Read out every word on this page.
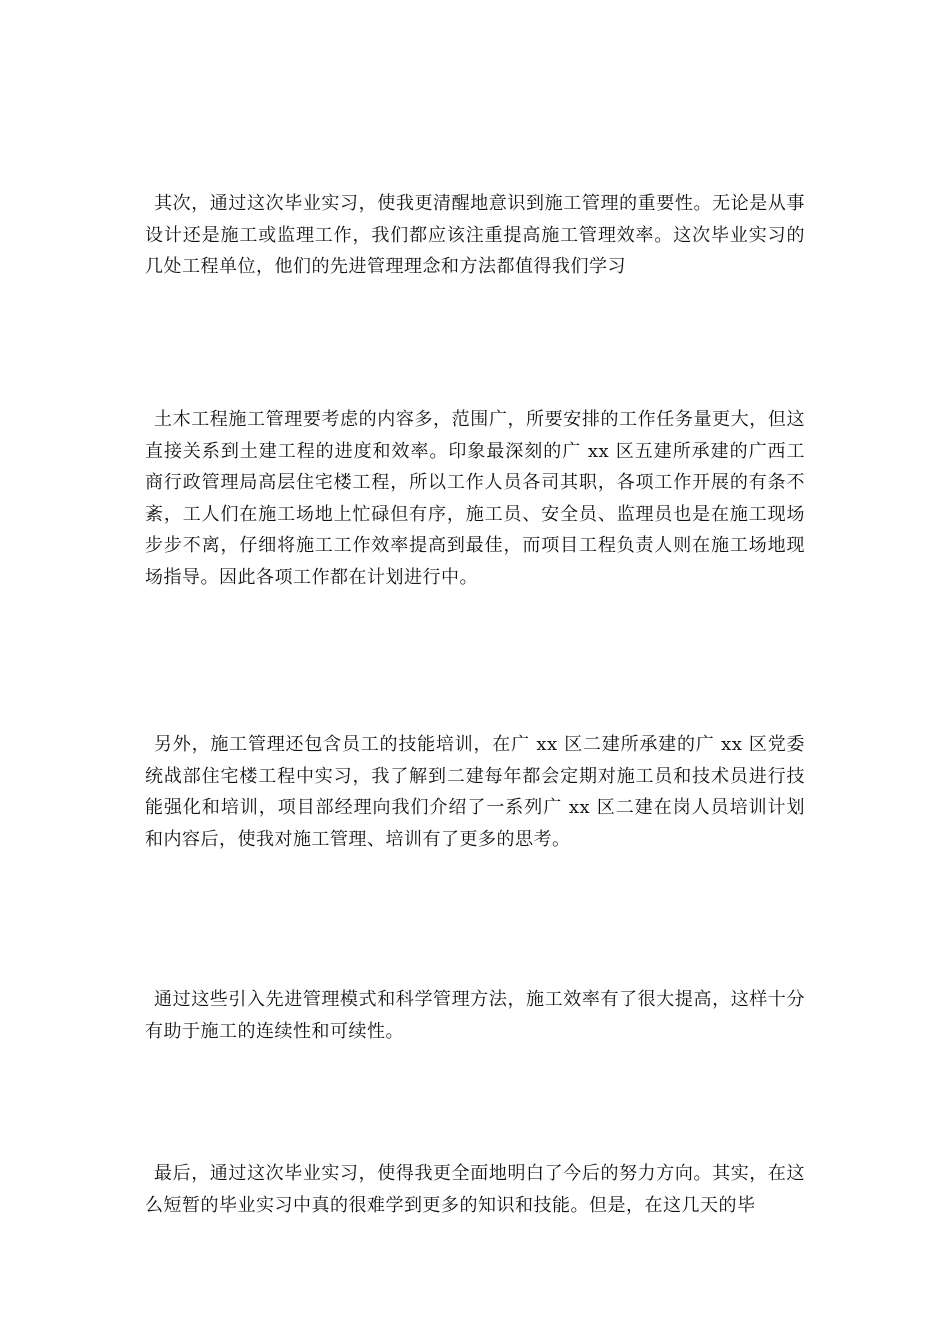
其次，通过这次毕业实习，使我更清醒地意识到施工管理的重要性。无论是从事设计还是施工或监理工作，我们都应该注重提高施工管理效率。这次毕业实习的几处工程单位，他们的先进管理理念和方法都值得我们学习

土木工程施工管理要考虑的内容多，范围广，所要安排的工作任务量更大，但这直接关系到土建工程的进度和效率。印象最深刻的广 xx 区五建所承建的广西工商行政管理局高层住宅楼工程，所以工作人员各司其职，各项工作开展的有条不紊，工人们在施工场地上忙碌但有序，施工员、安全员、监理员也是在施工现场步步不离，仔细将施工工作效率提高到最佳，而项目工程负责人则在施工场地现场指导。因此各项工作都在计划进行中。

另外，施工管理还包含员工的技能培训，在广 xx 区二建所承建的广 xx 区党委统战部住宅楼工程中实习，我了解到二建每年都会定期对施工员和技术员进行技能强化和培训，项目部经理向我们介绍了一系列广 xx 区二建在岗人员培训计划和内容后，使我对施工管理、培训有了更多的思考。

通过这些引入先进管理模式和科学管理方法，施工效率有了很大提高，这样十分有助于施工的连续性和可续性。

最后，通过这次毕业实习，使得我更全面地明白了今后的努力方向。其实，在这么短暂的毕业实习中真的很难学到更多的知识和技能。但是，在这几天的毕
